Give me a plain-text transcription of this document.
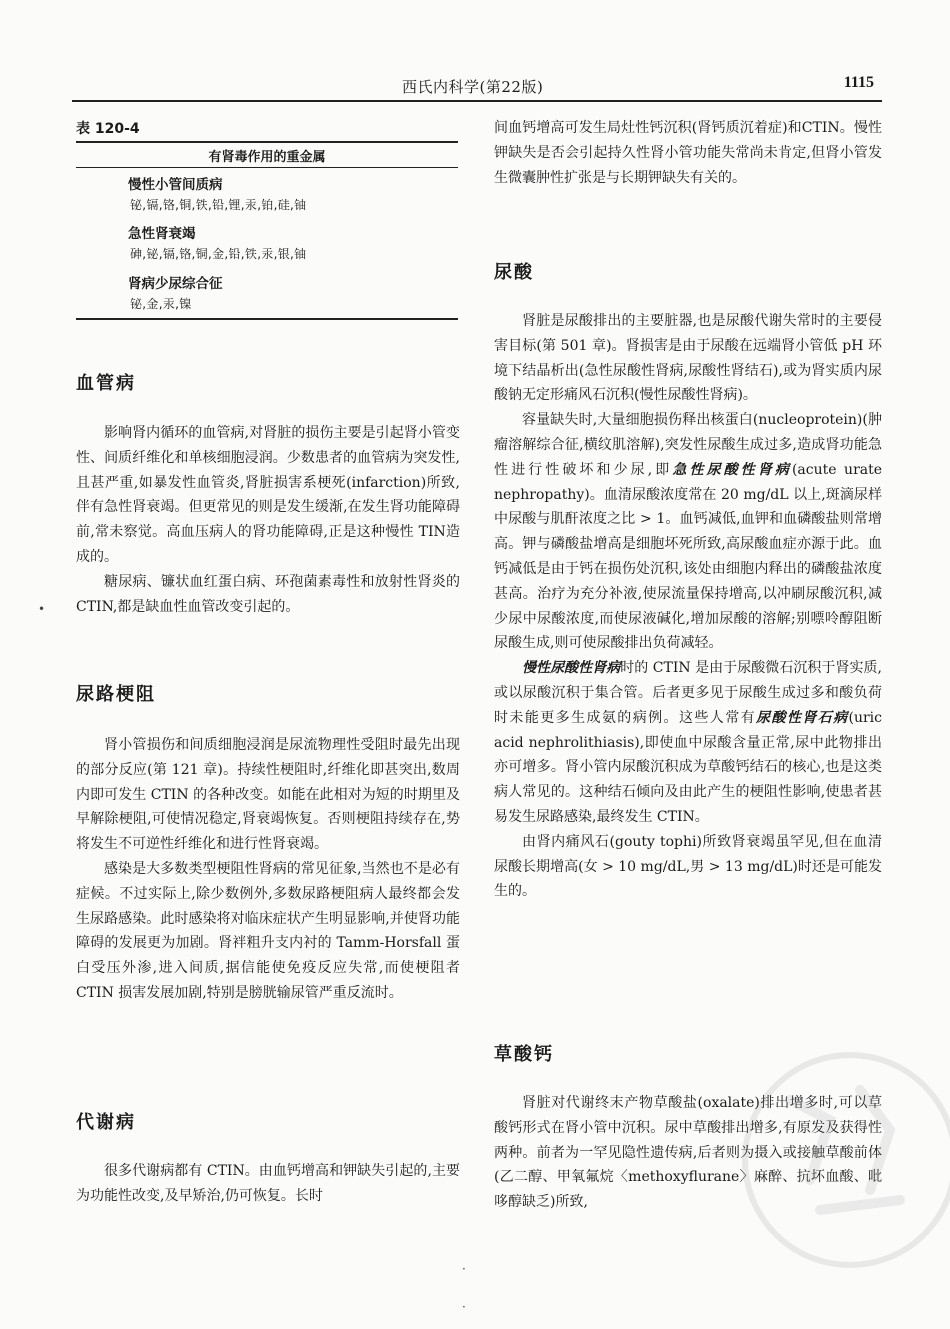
西氏内科学(第22版)	1115
表 120-4
有肾毒作用的重金属
慢性小管间质病
铋,镉,铬,铜,铁,铅,锂,汞,铂,硅,铀
急性肾衰竭
砷,铋,镉,铬,铜,金,铅,铁,汞,银,铀
肾病少尿综合征
铋,金,汞,镍
血管病

影响肾内循环的血管病,对肾脏的损伤主要是引起肾小管变性、间质纤维化和单核细胞浸润。少数患者的血管病为突发性,且甚严重,如暴发性血管炎,肾脏损害系梗死(infarction)所致,伴有急性肾衰竭。但更常见的则是发生缓渐,在发生肾功能障碍前,常未察觉。高血压病人的肾功能障碍,正是这种慢性 TIN造成的。

糖尿病、镰状血红蛋白病、环孢菌素毒性和放射性肾炎的 CTIN,都是缺血性血管改变引起的。

尿路梗阻

肾小管损伤和间质细胞浸润是尿流物理性受阻时最先出现的部分反应(第 121 章)。持续性梗阻时,纤维化即甚突出,数周内即可发生 CTIN 的各种改变。如能在此相对为短的时期里及早解除梗阻,可使情况稳定,肾衰竭恢复。否则梗阻持续存在,势将发生不可逆性纤维化和进行性肾衰竭。

感染是大多数类型梗阻性肾病的常见征象,当然也不是必有症候。不过实际上,除少数例外,多数尿路梗阻病人最终都会发生尿路感染。此时感染将对临床症状产生明显影响,并使肾功能障碍的发展更为加剧。肾袢粗升支内衬的 Tamm-Horsfall 蛋白受压外渗,进入间质,据信能使免疫反应失常,而使梗阻者CTIN 损害发展加剧,特别是膀胱输尿管严重反流时。

代谢病

很多代谢病都有 CTIN。由血钙增高和钾缺失引起的,主要为功能性改变,及早矫治,仍可恢复。长时

间血钙增高可发生局灶性钙沉积(肾钙质沉着症)和CTIN。慢性钾缺失是否会引起持久性肾小管功能失常尚未肯定,但肾小管发生微囊肿性扩张是与长期钾缺失有关的。

尿酸

肾脏是尿酸排出的主要脏器,也是尿酸代谢失常时的主要侵害目标(第 501 章)。肾损害是由于尿酸在远端肾小管低 pH 环境下结晶析出(急性尿酸性肾病,尿酸性肾结石),或为肾实质内尿酸钠无定形痛风石沉积(慢性尿酸性肾病)。

容量缺失时,大量细胞损伤释出核蛋白(nucleoprotein)(肿瘤溶解综合征,横纹肌溶解),突发性尿酸生成过多,造成肾功能急性进行性破坏和少尿,即急性尿酸性肾病(acute urate nephropathy)。血清尿酸浓度常在 20 mg/dL 以上,斑滴尿样中尿酸与肌酐浓度之比 > 1。血钙减低,血钾和血磷酸盐则常增高。钾与磷酸盐增高是细胞坏死所致,高尿酸血症亦源于此。血钙减低是由于钙在损伤处沉积,该处由细胞内释出的磷酸盐浓度甚高。治疗为充分补液,使尿流量保持增高,以冲刷尿酸沉积,减少尿中尿酸浓度,而使尿液碱化,增加尿酸的溶解;别嘌呤醇阻断尿酸生成,则可使尿酸排出负荷减轻。

慢性尿酸性肾病时的 CTIN 是由于尿酸微石沉积于肾实质,或以尿酸沉积于集合管。后者更多见于尿酸生成过多和酸负荷时未能更多生成氨的病例。这些人常有尿酸性肾石病(uric acid nephrolithiasis),即使血中尿酸含量正常,尿中此物排出亦可增多。肾小管内尿酸沉积成为草酸钙结石的核心,也是这类病人常见的。这种结石倾向及由此产生的梗阻性影响,使患者甚易发生尿路感染,最终发生 CTIN。

由肾内痛风石(gouty tophi)所致肾衰竭虽罕见,但在血清尿酸长期增高(女 > 10 mg/dL,男 > 13 mg/dL)时还是可能发生的。

草酸钙

肾脏对代谢终末产物草酸盐(oxalate)排出增多时,可以草酸钙形式在肾小管中沉积。尿中草酸排出增多,有原发及获得性两种。前者为一罕见隐性遗传病,后者则为摄入或接触草酸前体(乙二醇、甲氧氟烷〈methoxyflurane〉麻醉、抗坏血酸、吡哆醇缺乏)所致,

•
·
·
